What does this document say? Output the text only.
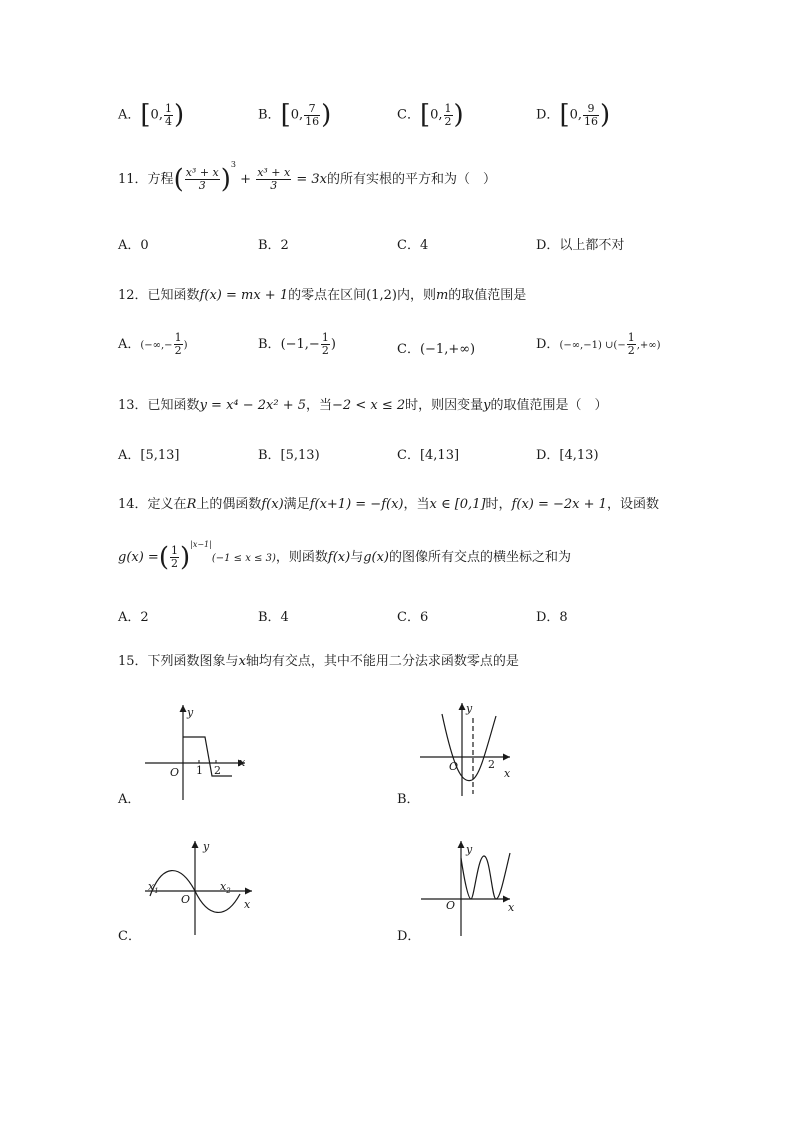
A．[0, $\frac{1}{4}$ )	B．[0, $\frac{7}{16}$ )	C．[0, $\frac{1}{2}$ )	D．[0, $\frac{9}{16}$ )
11．方程( $\frac{\text{x³ + x}}{3} )^3 + \frac{\text{x³ + x}}{3} = 3x$的所有实根的平方和为（　）
A．0	B．2	C．4	D．以上都不对
12．已知函数f(x) = mx + 1的零点在区间(1,2)内，则m的取值范围是
A．(−∞,− $\frac{1}{2}$ )	B．($-1,- \frac{1}{2}$ )	C．(−1,+∞)	D．(−∞,−1) ∪(− $\frac{1}{2}$ ,+∞)
13．已知函数y = x⁴ − 2x² + 5，当−2 < x ≤ 2时，则因变量y的取值范围是（　）
A．[5,13]	B．[5,13)	C．[4,13]	D．[4,13)
14．定义在R上的偶函数f(x)满足f(x+1) = −f(x)，当x ∈ [0,1]时，f(x) = −2x + 1，设函数
g(x) =( $\frac{1}{2} )^{|x-1|}(-1 \le x \le 3)$，则函数f(x)与g(x)的图像所有交点的横坐标之和为
A．2	B．4	C．6	D．8
15．下列函数图象与x轴均有交点，其中不能用二分法求函数零点的是
A．
y
x
O 1 2
B．
y
x
O	2
C．
y
x
O
$x_1$	$x_2$
D．
y
x
O
